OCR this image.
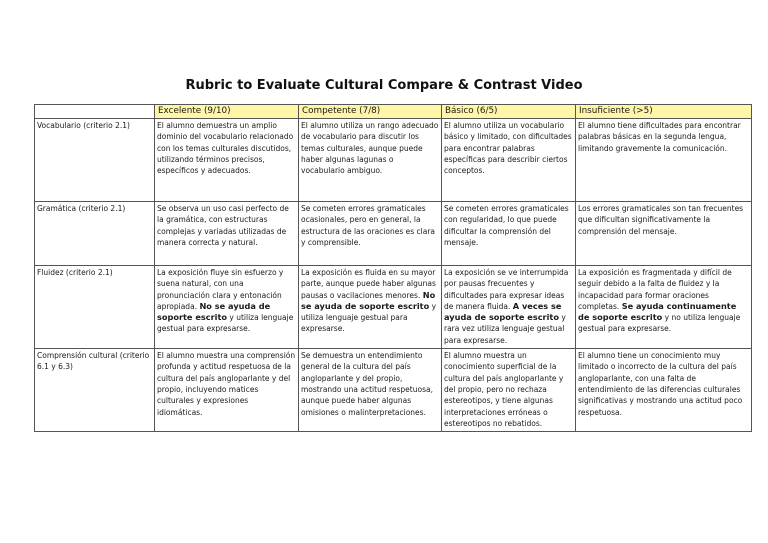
Rubric to Evaluate Cultural Compare & Contrast Video
	Excelente (9/10)	Competente (7/8)	Básico (6/5)	Insuficiente (>5)
Vocabulario (criterio 2.1)	El alumno demuestra un amplio dominio del vocabulario relacionado con los temas culturales discutidos, utilizando términos precisos, específicos y adecuados.	El alumno utiliza un rango adecuado de vocabulario para discutir los temas culturales, aunque puede haber algunas lagunas o vocabulario ambiguo.	El alumno utiliza un vocabulario básico y limitado, con dificultades para encontrar palabras específicas para describir ciertos conceptos.	El alumno tiene dificultades para encontrar palabras básicas en la segunda lengua, limitando gravemente la comunicación.
Gramática (criterio 2.1)	Se observa un uso casi perfecto de la gramática, con estructuras complejas y variadas utilizadas de manera correcta y natural.	Se cometen errores gramaticales ocasionales, pero en general, la estructura de las oraciones es clara y comprensible.	Se cometen errores gramaticales con regularidad, lo que puede dificultar la comprensión del mensaje.	Los errores gramaticales son tan frecuentes que dificultan significativamente la comprensión del mensaje.
Fluidez (criterio 2.1)	La exposición fluye sin esfuerzo y suena natural, con una pronunciación clara y entonación apropiada. No se ayuda de soporte escrito y utiliza lenguaje gestual para expresarse.	La exposición es fluida en su mayor parte, aunque puede haber algunas pausas o vacilaciones menores. No se ayuda de soporte escrito y utiliza lenguaje gestual para expresarse.	La exposición se ve interrumpida por pausas frecuentes y dificultades para expresar ideas de manera fluida. A veces se ayuda de soporte escrito y rara vez utiliza lenguaje gestual para expresarse.	La exposición es fragmentada y difícil de seguir debido a la falta de fluidez y la incapacidad para formar oraciones completas. Se ayuda continuamente de soporte escrito y no utiliza lenguaje gestual para expresarse.
Comprensión cultural (criterio 6.1 y 6.3)	El alumno muestra una comprensión profunda y actitud respetuosa de la cultura del país angloparlante y del propio, incluyendo matices culturales y expresiones idiomáticas.	Se demuestra un entendimiento general de la cultura del país angloparlante y del propio, mostrando una actitud respetuosa, aunque puede haber algunas omisiones o malinterpretaciones.	El alumno muestra un conocimiento superficial de la cultura del país angloparlante y del propio, pero no rechaza estereotipos, y tiene algunas interpretaciones erróneas o estereotipos no rebatidos.	El alumno tiene un conocimiento muy limitado o incorrecto de la cultura del país angloparlante, con una falta de entendimiento de las diferencias culturales significativas y mostrando una actitud poco respetuosa.
